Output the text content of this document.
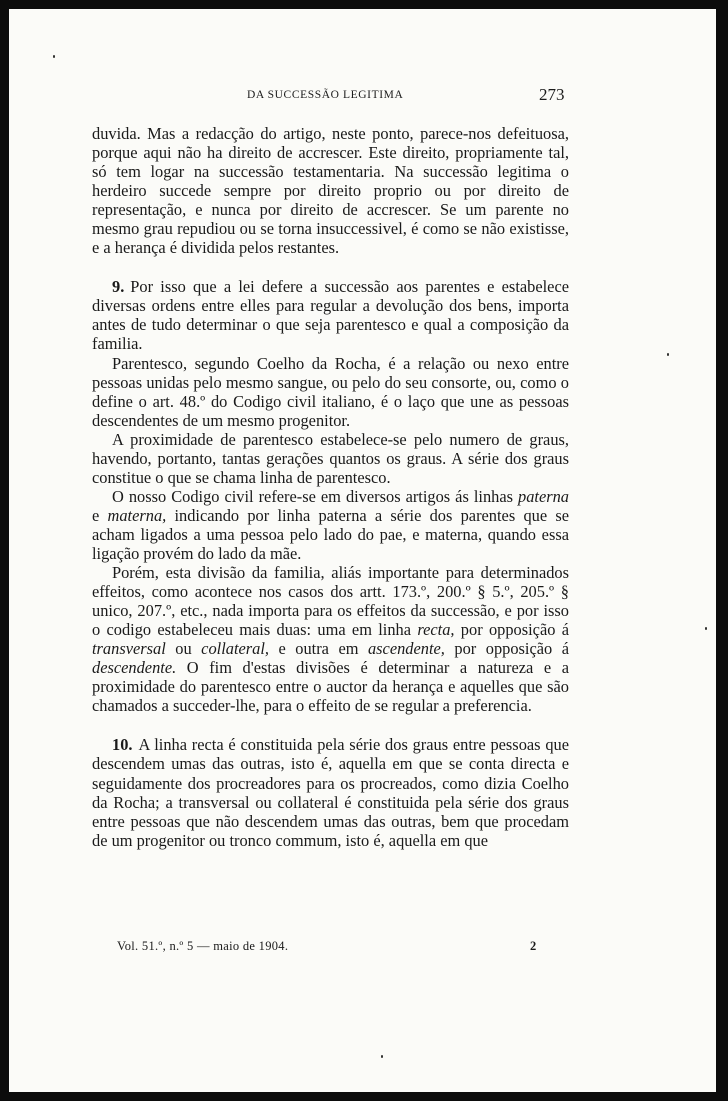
DA SUCCESSÃO LEGITIMA	273

duvida. Mas a redacção do artigo, neste ponto, parece-nos defeituosa, porque aqui não ha direito de accrescer. Este direito, propriamente tal, só tem logar na successão testamentaria. Na successão legitima o herdeiro succede sempre por direito proprio ou por direito de representação, e nunca por direito de accrescer. Se um parente no mesmo grau repudiou ou se torna insuccessivel, é como se não existisse, e a herança é dividida pelos restantes.

9. Por isso que a lei defere a successão aos parentes e estabelece diversas ordens entre elles para regular a devolução dos bens, importa antes de tudo determinar o que seja parentesco e qual a composição da familia.

Parentesco, segundo Coelho da Rocha, é a relação ou nexo entre pessoas unidas pelo mesmo sangue, ou pelo do seu consorte, ou, como o define o art. 48.º do Codigo civil italiano, é o laço que une as pessoas descendentes de um mesmo progenitor.

A proximidade de parentesco estabelece-se pelo numero de graus, havendo, portanto, tantas gerações quantos os graus. A série dos graus constitue o que se chama linha de parentesco.

O nosso Codigo civil refere-se em diversos artigos ás linhas paterna e materna, indicando por linha paterna a série dos parentes que se acham ligados a uma pessoa pelo lado do pae, e materna, quando essa ligação provém do lado da mãe.

Porém, esta divisão da familia, aliás importante para determinados effeitos, como acontece nos casos dos artt. 173.º, 200.º § 5.º, 205.º § unico, 207.º, etc., nada importa para os effeitos da successão, e por isso o codigo estabeleceu mais duas: uma em linha recta, por opposição á transversal ou collateral, e outra em ascendente, por opposição á descendente. O fim d'estas divisões é determinar a natureza e a proximidade do parentesco entre o auctor da herança e aquelles que são chamados a succeder-lhe, para o effeito de se regular a preferencia.

10. A linha recta é constituida pela série dos graus entre pessoas que descendem umas das outras, isto é, aquella em que se conta directa e seguidamente dos procreadores para os procreados, como dizia Coelho da Rocha; a transversal ou collateral é constituida pela série dos graus entre pessoas que não descendem umas das outras, bem que procedam de um progenitor ou tronco commum, isto é, aquella em que

Vol. 51.º, n.º 5 — maio de 1904.	2
